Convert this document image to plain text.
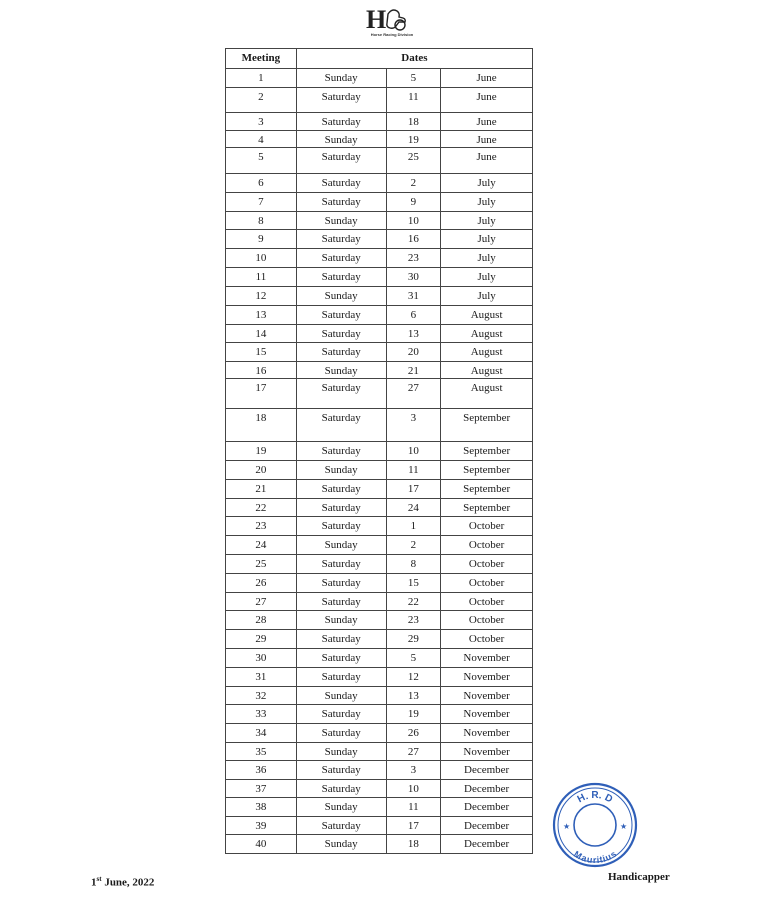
H
Horse Racing Division
Meeting	Dates		
1	Sunday	5	June
2	Saturday	11	June
3	Saturday	18	June
4	Sunday	19	June
5	Saturday	25	June
6	Saturday	2	July
7	Saturday	9	July
8	Sunday	10	July
9	Saturday	16	July
10	Saturday	23	July
11	Saturday	30	July
12	Sunday	31	July
13	Saturday	6	August
14	Saturday	13	August
15	Saturday	20	August
16	Sunday	21	August
17	Saturday	27	August
18	Saturday	3	September
19	Saturday	10	September
20	Sunday	11	September
21	Saturday	17	September
22	Saturday	24	September
23	Saturday	1	October
24	Sunday	2	October
25	Saturday	8	October
26	Saturday	15	October
27	Saturday	22	October
28	Sunday	23	October
29	Saturday	29	October
30	Saturday	5	November
31	Saturday	12	November
32	Sunday	13	November
33	Saturday	19	November
34	Saturday	26	November
35	Sunday	27	November
36	Saturday	3	December
37	Saturday	10	December
38	Sunday	11	December
39	Saturday	17	December
40	Sunday	18	December
1st June, 2022	Handicapper
H. R. D
Mauritius
★	★
